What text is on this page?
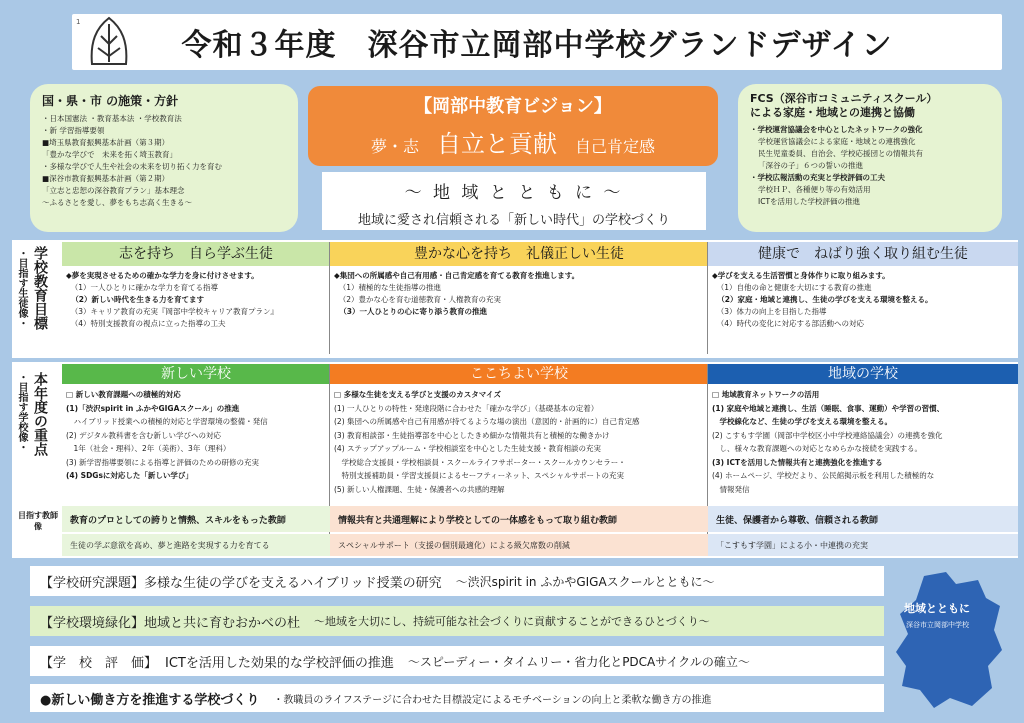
令和３年度　深谷市立岡部中学校グランドデザイン
1
国・県・市 の施策・方針
・日本国憲法 ・教育基本法 ・学校教育法
・新 学習指導要領
■埼玉県教育振興基本計画（第３期）
「豊かな学びで　未来を拓く埼玉教育」
・多様な学びで人生や社会の未来を切り拓く力を育む
■深谷市教育振興基本計画（第２期）
「立志と忠恕の深谷教育プラン」基本理念
～ふるさとを愛し、夢をもち志高く生きる～
【岡部中教育ビジョン】
夢・志 自立と貢献 自己肯定感
～ 地 域 と と も に ～
地域に愛され信頼される「新しい時代」の学校づくり
FCS（深谷市コミュニティスクール）
による家庭・地域との連携と協働
・学校運営協議会を中心としたネットワークの強化
学校運営協議会による家庭・地域との連携強化
民生児童委員、自治会、学校応援団との情報共有
「深谷の子」６つの誓いの推進
・学校広報活動の充実と学校評価の工夫
学校ＨＰ、各種便り等の有効活用
ICTを活用した学校評価の推進
学校教育目標
・目指す生徒像・	志を持ち　自ら学ぶ生徒

◆夢を実現させるための確かな学力を身に付けさせます。

（1）一人ひとりに確かな学力を育てる指導

（2）新しい時代を生きる力を育てます

（3）キャリア教育の充実『岡部中学校キャリア教育プラン』

（4）特別支援教育の視点に立った指導の工夫

豊かな心を持ち　礼儀正しい生徒

◆集団への所属感や自己有用感・自己肯定感を育てる教育を推進します。

（1）積極的な生徒指導の推進

（2）豊かな心を育む道徳教育・人権教育の充実

（3）一人ひとりの心に寄り添う教育の推進

健康で　ねばり強く取り組む生徒

◆学びを支える生活習慣と身体作りに取り組みます。

（1）自他の命と健康を大切にする教育の推進

（2）家庭・地域と連携し、生徒の学びを支える環境を整える。

（3）体力の向上を目指した指導

（4）時代の変化に対応する部活動への対応

本年度の重点
・目指す学校像・	新しい学校

□ 新しい教育課題への積極的対応

(1)「渋沢spirit in ふかやGIGAスクール」の推進

　ハイブリッド授業への積極的対応と学習環境の整備・発信

(2) デジタル教科書を含む新しい学びへの対応

　1年（社会・理科）、2年（美術）、3年（理科）

(3) 新学習指導要領による指導と評価のための研修の充実

(4) SDGsに対応した「新しい学び」

ここちよい学校

□ 多様な生徒を支える学びと支援のカスタマイズ

(1) 一人ひとりの特性・発達段階に合わせた「確かな学び」（基礎基本の定着）

(2) 集団への所属感や自己有用感が持てるような場の演出（意図的・計画的に）自己肯定感

(3) 教育相談部・生徒指導部を中心としたきめ細かな情報共有と積極的な働きかけ

(4) ステップアップルーム・学校相談室を中心とした生徒支援・教育相談の充実

　学校総合支援員・学校相談員・スクールライフサポーター・スクールカウンセラー・

　特別支援補助員・学習支援員によるセーフティーネット、スペシャルサポートの充実

(5) 新しい人権課題、生徒・保護者への共感的理解

地域の学校

□ 地域教育ネットワークの活用

(1) 家庭や地域と連携し、生活（睡眠、食事、運動）や学習の習慣、

　学校線化など、生徒の学びを支える環境を整える。

(2) こすもす学園（岡部中学校区小中学校連絡協議会）の連携を強化

　し、様々な教育課題への対応となめらかな接続を実践する。

(3) ICTを活用した情報共有と連携強化を推進する

(4) ホームページ、学校だより、公民館掲示板を利用した積極的な

　情報発信

目指す教師像
教育のプロとしての誇りと情熱、スキルをもった教師
生徒の学ぶ意欲を高め、夢と進路を実現する力を育てる
情報共有と共通理解により学校としての一体感をもって取り組む教師
スペシャルサポート（支援の個別最適化）による級欠席数の削減
生徒、保護者から尊敬、信頼される教師
「こすもす学園」による小・中連携の充実
【学校研究課題】 多様な生徒の学びを支えるハイブリッド授業の研究 ～渋沢spirit in ふかやGIGAスクールとともに～
【学校環境緑化】 地域と共に育むおかべの杜 ～地域を大切にし、持続可能な社会づくりに貢献することができるひとづくり～
【学　校　評　価】 ICTを活用した効果的な学校評価の推進 ～スピーディー・タイムリー・省力化とPDCAサイクルの確立～
●新しい働き方を推進する学校づくり ・教職員のライフステージに合わせた目標設定によるモチベーションの向上と柔軟な働き方の推進
地域とともに
深谷市立岡部中学校
